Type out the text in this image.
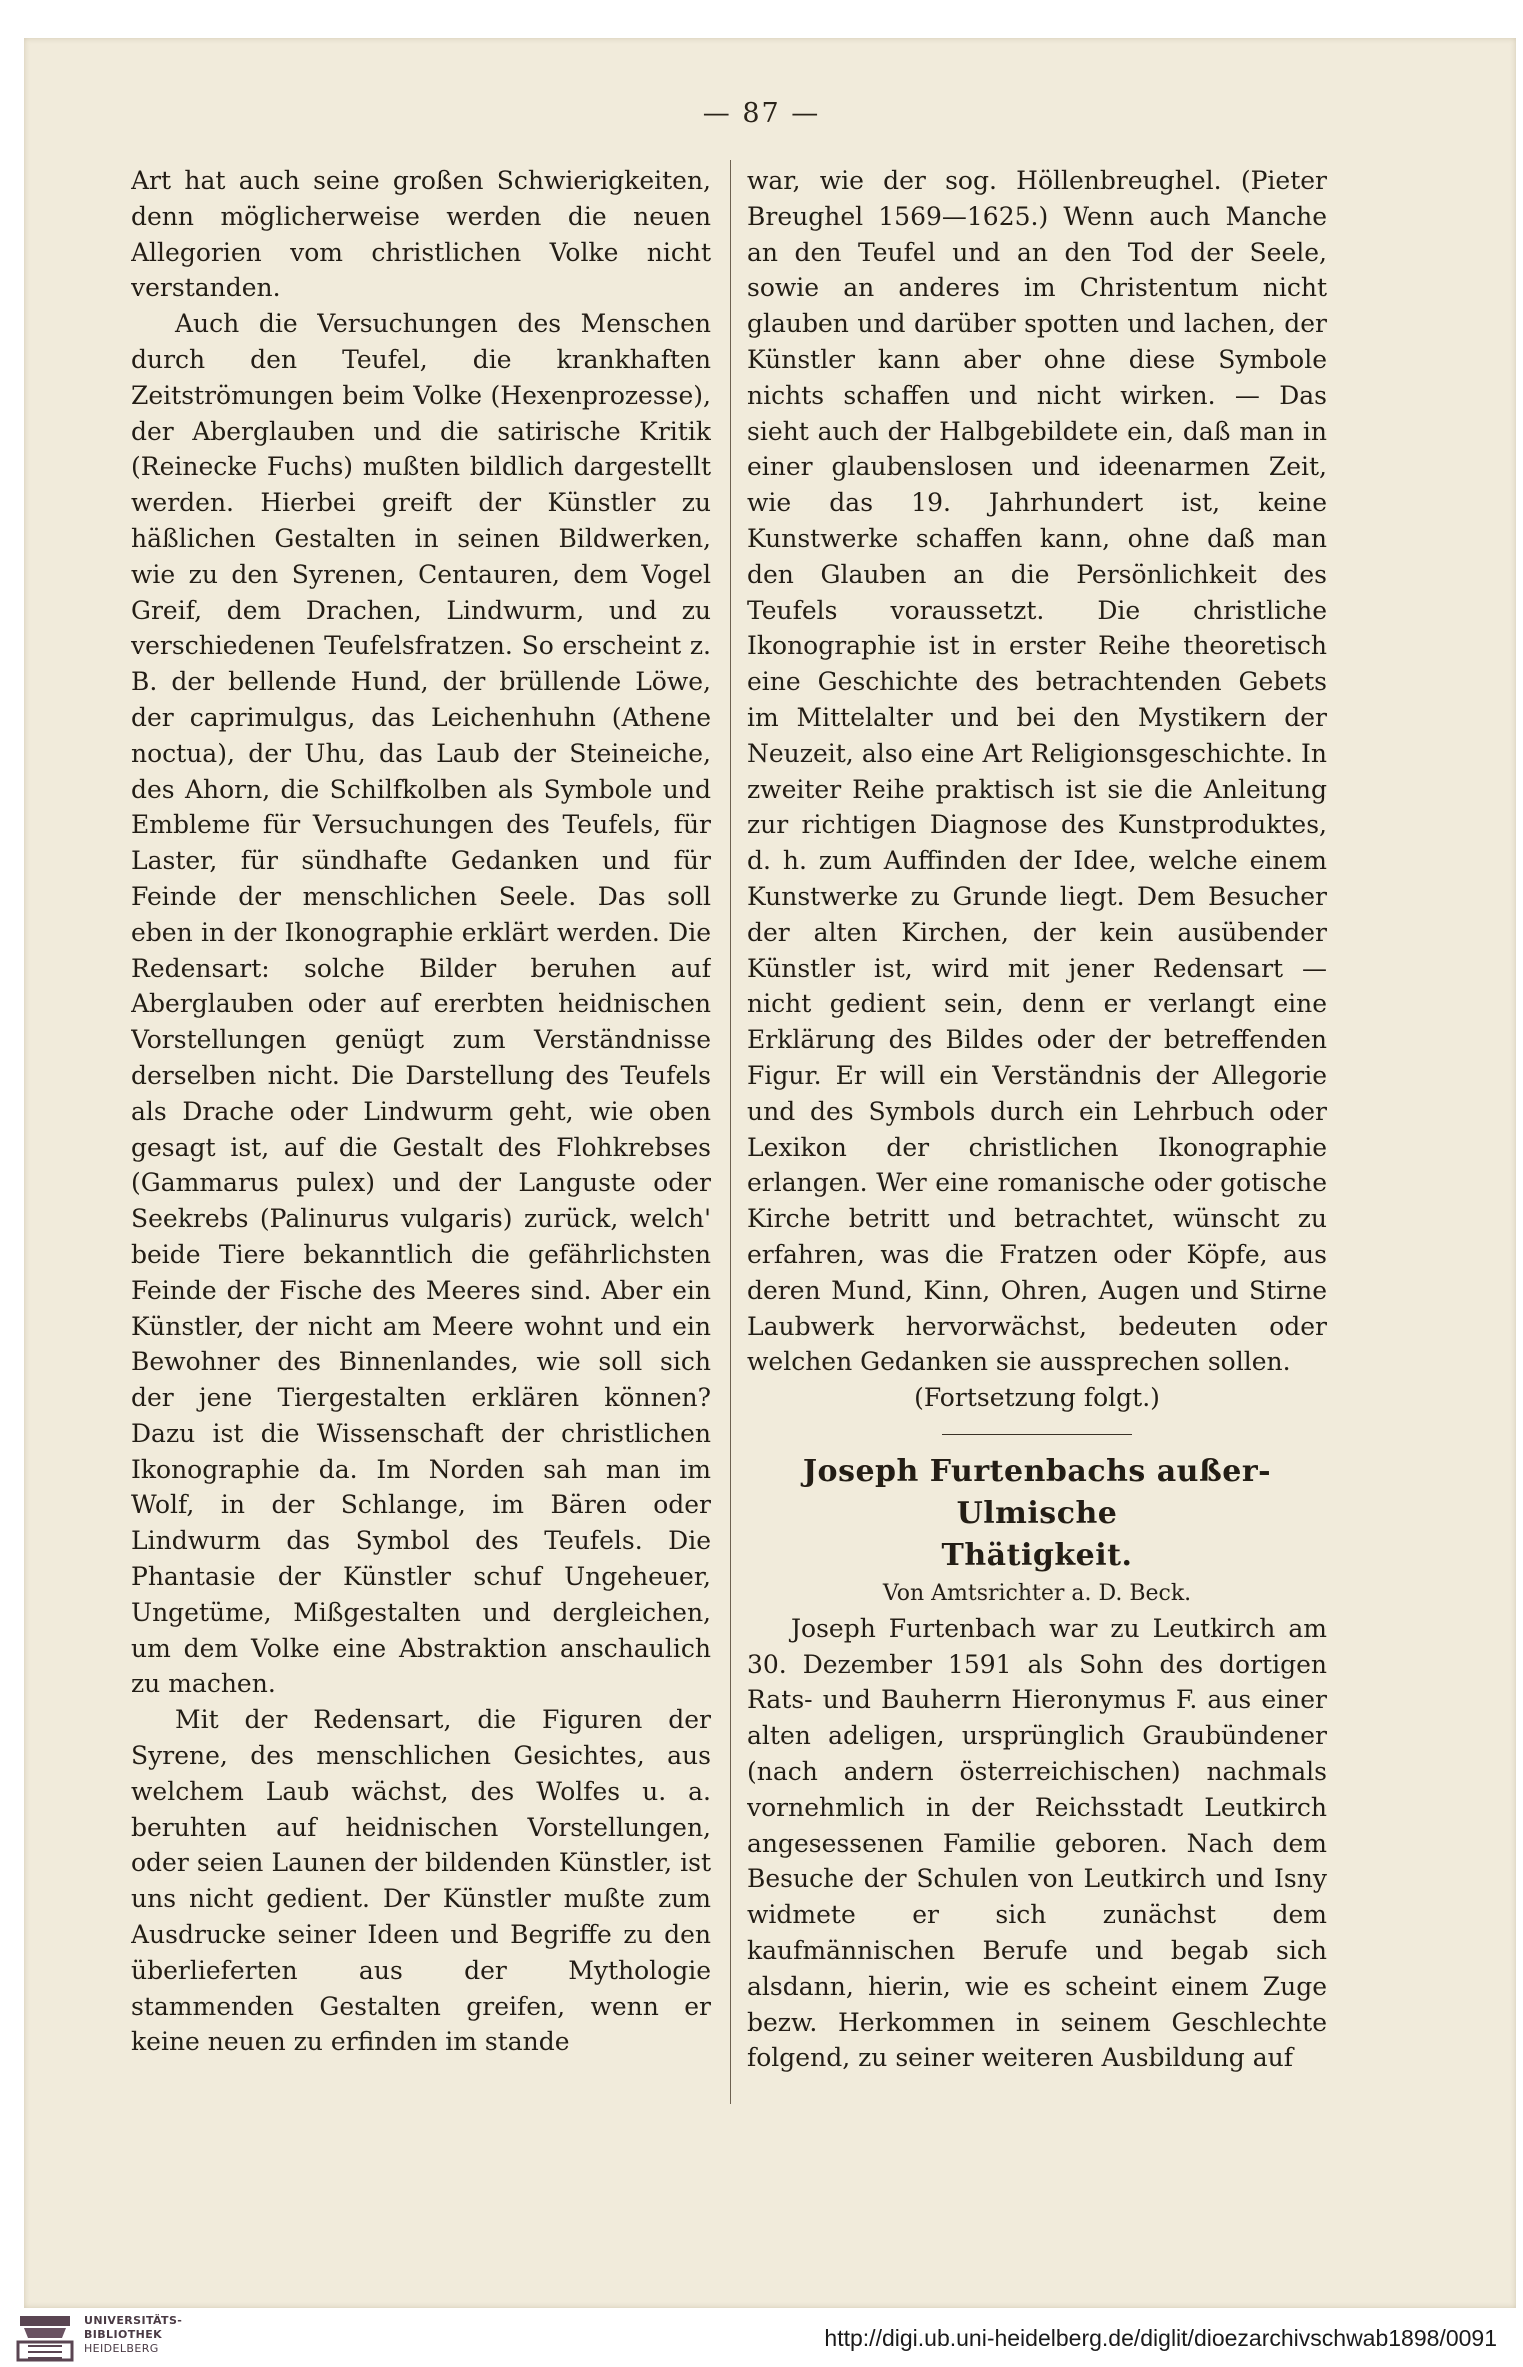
— 87 —

Art hat auch seine großen Schwierigkeiten, denn möglicherweise werden die neuen Allegorien vom christlichen Volke nicht verstanden.

Auch die Versuchungen des Menschen durch den Teufel, die krankhaften Zeitströmungen beim Volke (Hexenprozesse), der Aberglauben und die satirische Kritik (Reinecke Fuchs) mußten bildlich dargestellt werden. Hierbei greift der Künstler zu häßlichen Gestalten in seinen Bildwerken, wie zu den Syrenen, Centauren, dem Vogel Greif, dem Drachen, Lindwurm, und zu verschiedenen Teufelsfratzen. So erscheint z. B. der bellende Hund, der brüllende Löwe, der caprimulgus, das Leichenhuhn (Athene noctua), der Uhu, das Laub der Steineiche, des Ahorn, die Schilfkolben als Symbole und Embleme für Versuchungen des Teufels, für Laster, für sündhafte Gedanken und für Feinde der menschlichen Seele. Das soll eben in der Ikonographie erklärt werden. Die Redensart: solche Bilder beruhen auf Aberglauben oder auf ererbten heidnischen Vorstellungen genügt zum Verständnisse derselben nicht. Die Darstellung des Teufels als Drache oder Lindwurm geht, wie oben gesagt ist, auf die Gestalt des Flohkrebses (Gammarus pulex) und der Languste oder Seekrebs (Palinurus vulgaris) zurück, welch' beide Tiere bekanntlich die gefährlichsten Feinde der Fische des Meeres sind. Aber ein Künstler, der nicht am Meere wohnt und ein Bewohner des Binnenlandes, wie soll sich der jene Tiergestalten erklären können? Dazu ist die Wissenschaft der christlichen Ikonographie da. Im Norden sah man im Wolf, in der Schlange, im Bären oder Lindwurm das Symbol des Teufels. Die Phantasie der Künstler schuf Ungeheuer, Ungetüme, Mißgestalten und dergleichen, um dem Volke eine Abstraktion anschaulich zu machen.

Mit der Redensart, die Figuren der Syrene, des menschlichen Gesichtes, aus welchem Laub wächst, des Wolfes u. a. beruhten auf heidnischen Vorstellungen, oder seien Launen der bildenden Künstler, ist uns nicht gedient. Der Künstler mußte zum Ausdrucke seiner Ideen und Begriffe zu den überlieferten aus der Mythologie stammenden Gestalten greifen, wenn er keine neuen zu erfinden im stande

war, wie der sog. Höllenbreughel. (Pieter Breughel 1569—1625.) Wenn auch Manche an den Teufel und an den Tod der Seele, sowie an anderes im Christentum nicht glauben und darüber spotten und lachen, der Künstler kann aber ohne diese Symbole nichts schaffen und nicht wirken. — Das sieht auch der Halbgebildete ein, daß man in einer glaubenslosen und ideenarmen Zeit, wie das 19. Jahrhundert ist, keine Kunstwerke schaffen kann, ohne daß man den Glauben an die Persönlichkeit des Teufels voraussetzt. Die christliche Ikonographie ist in erster Reihe theoretisch eine Geschichte des betrachtenden Gebets im Mittelalter und bei den Mystikern der Neuzeit, also eine Art Religionsgeschichte. In zweiter Reihe praktisch ist sie die Anleitung zur richtigen Diagnose des Kunstproduktes, d. h. zum Auffinden der Idee, welche einem Kunstwerke zu Grunde liegt. Dem Besucher der alten Kirchen, der kein ausübender Künstler ist, wird mit jener Redensart — nicht gedient sein, denn er verlangt eine Erklärung des Bildes oder der betreffenden Figur. Er will ein Verständnis der Allegorie und des Symbols durch ein Lehrbuch oder Lexikon der christlichen Ikonographie erlangen. Wer eine romanische oder gotische Kirche betritt und betrachtet, wünscht zu erfahren, was die Fratzen oder Köpfe, aus deren Mund, Kinn, Ohren, Augen und Stirne Laubwerk hervorwächst, bedeuten oder welchen Gedanken sie aussprechen sollen.

(Fortsetzung folgt.)

Joseph Furtenbachs außer-Ulmische
Thätigkeit.

Von Amtsrichter a. D. Beck.

Joseph Furtenbach war zu Leutkirch am 30. Dezember 1591 als Sohn des dortigen Rats- und Bauherrn Hieronymus F. aus einer alten adeligen, ursprünglich Graubündener (nach andern österreichischen) nachmals vornehmlich in der Reichsstadt Leutkirch angesessenen Familie geboren. Nach dem Besuche der Schulen von Leutkirch und Isny widmete er sich zunächst dem kaufmännischen Berufe und begab sich alsdann, hierin, wie es scheint einem Zuge bezw. Herkommen in seinem Geschlechte folgend, zu seiner weiteren Ausbildung auf

UNIVERSITÄTS-
BIBLIOTHEK
HEIDELBERG	http://digi.ub.uni-heidelberg.de/diglit/dioezarchivschwab1898/0091
